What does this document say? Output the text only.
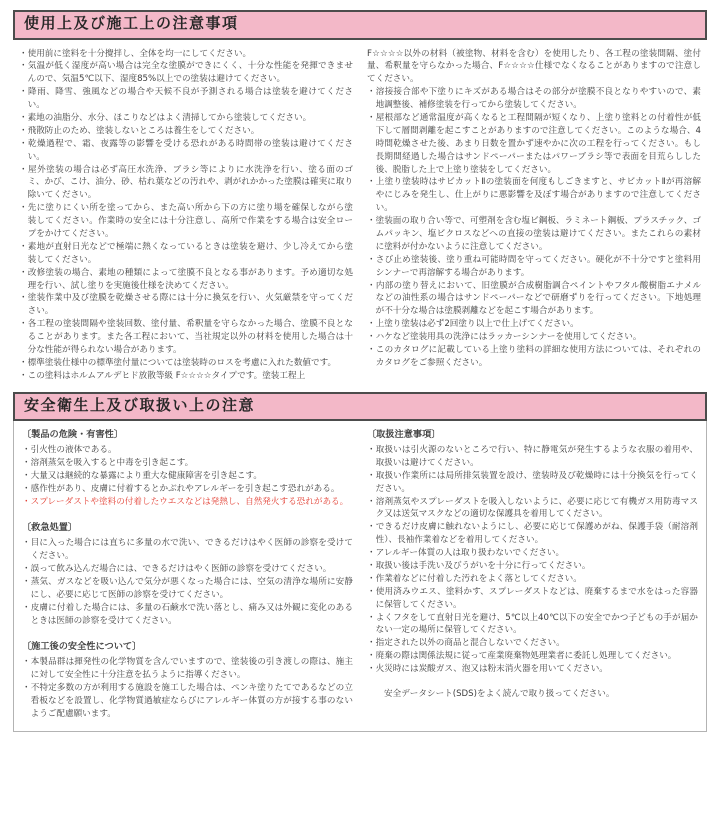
使用上及び施工上の注意事項
・使用前に塗料を十分攪拌し、全体を均一にしてください。
・気温が低く湿度が高い場合は完全な塗膜ができにくく、十分な性能を発揮できませんので、気温5℃以下、湿度85%以上での塗装は避けてください。
・降雨、降雪、強風などの場合や天候不良が予測される場合は塗装を避けてください。
・素地の油脂分、水分、ほこりなどはよく清掃してから塗装してください。
・飛散防止のため、塗装しないところは養生をしてください。
・乾燥過程で、霜、夜露等の影響を受ける恐れがある時間帯の塗装は避けてください。
・屋外塗装の場合は必ず高圧水洗浄、ブラシ等によりに水洗浄を行い、塗る面のゴミ、かび、こけ、油分、砂、枯れ葉などの汚れや、剥がれかかった塗膜は確実に取り除いてください。
・先に塗りにくい所を塗ってから、また高い所から下の方に塗り場を確保しながら塗装してください。作業時の安全には十分注意し、高所で作業をする場合は安全ロープをかけてください。
・素地が直射日光などで極端に熱くなっているときは塗装を避け、少し冷えてから塗装してください。
・改修塗装の場合、素地の種類によって塗膜不良となる事があります。予め適切な処理を行い、試し塗りを実施後仕様を決めてください。
・塗装作業中及び塗膜を乾燥させる際には十分に換気を行い、火気厳禁を守ってください。
・各工程の塗装間隔や塗装回数、塗付量、希釈量を守らなかった場合、塗膜不良となることがあります。また各工程において、当社規定以外の材料を使用した場合は十分な性能が得られない場合があります。
・標準塗装仕様中の標準塗付量については塗装時のロスを考慮に入れた数値です。
・この塗料はホルムアルデヒド放散等級 F☆☆☆☆タイプです。塗装工程上
F☆☆☆☆以外の材料（被塗物、材料を含む）を使用したり、各工程の塗装間隔、塗付量、希釈量を守らなかった場合、F☆☆☆☆仕様でなくなることがありますので注意してください。
・溶接接合部や下塗りにキズがある場合はその部分が塗膜不良となりやすいので、素地調整後、補修塗装を行ってから塗装してください。
・屋根部など通常温度が高くなると工程間隔が短くなり、上塗り塗料との付着性が低下して層間剥離を起こすことがありますので注意してください。このような場合、4時間乾燥させた後、あまり日数を置かず速やかに次の工程を行ってください。もし長期間経過した場合はサンドペーパーまたはパワーブラシ等で表面を目荒らしした後、脱脂した上で上塗り塗装をしてください。
・上塗り塗装時はサビカットⅡの塗装面を何度もしごきますと、サビカットⅡが再溶解やにじみを発生し、仕上がりに悪影響を及ぼす場合がありますので注意してください。
・塗装面の取り合い等で、可塑剤を含む塩ビ鋼板、ラミネート鋼板、プラスチック、ゴムパッキン、塩ビクロスなどへの直接の塗装は避けてください。またこれらの素材に塗料が付かないように注意してください。
・さび止め塗装後、塗り重ね可能時間を守ってください。硬化が不十分ですと塗料用シンナーで再溶解する場合があります。
・内部の塗り替えにおいて、旧塗膜が合成樹脂調合ペイントやフタル酸樹脂エナメルなどの油性系の場合はサンドペーパーなどで研磨ずりを行ってください。下地処理が不十分な場合は塗膜剥離などを起こす場合があります。
・上塗り塗装は必ず2回塗り以上で仕上げてください。
・ハケなど塗装用具の洗浄にはラッカーシンナーを使用してください。
・このカタログに記載している上塗り塗料の詳細な使用方法については、それぞれのカタログをご参照ください。
安全衛生上及び取扱い上の注意
〔製品の危険・有害性〕
・引火性の液体である。
・溶剤蒸気を吸入すると中毒を引き起こす。
・大量又は継続的な暴露により重大な健康障害を引き起こす。
・感作性があり、皮膚に付着するとかぶれやアレルギーを引き起こす恐れがある。
・スプレーダストや塗料の付着したウエスなどは発熱し、自然発火する恐れがある。
〔救急処置〕
・目に入った場合には直ちに多量の水で洗い、できるだけはやく医師の診察を受けてください。
・誤って飲み込んだ場合には、できるだけはやく医師の診察を受けてください。
・蒸気、ガスなどを吸い込んで気分が悪くなった場合には、空気の清浄な場所に安静にし、必要に応じて医師の診察を受けてください。
・皮膚に付着した場合には、多量の石鹸水で洗い落とし、痛み又は外観に変化のあるときは医師の診察を受けてください。
〔施工後の安全性について〕
・本製品群は揮発性の化学物質を含んでいますので、塗装後の引き渡しの際は、施主に対して安全性に十分注意を払うように指導ください。
・不特定多数の方が利用する施設を施工した場合は、ペンキ塗りたてであるなどの立看板などを設置し、化学物質過敏症ならびにアレルギー体質の方が接する事のないようご配慮願います。
〔取扱注意事項〕
・取扱いは引火源のないところで行い、特に静電気が発生するような衣服の着用や、取扱いは避けてください。
・取扱い作業所には局所排気装置を設け、塗装時及び乾燥時には十分換気を行ってください。
・溶剤蒸気やスプレーダストを吸入しないように、必要に応じて有機ガス用防毒マスク又は送気マスクなどの適切な保護具を着用してください。
・できるだけ皮膚に触れないようにし、必要に応じて保護めがね、保護手袋（耐溶剤性）、長袖作業着などを着用してください。
・アレルギー体質の人は取り扱わないでください。
・取扱い後は手洗い及びうがいを十分に行ってください。
・作業着などに付着した汚れをよく落としてください。
・使用済みウエス、塗料かす、スプレーダストなどは、廃棄するまで水をはった容器に保管してください。
・よくフタをして直射日光を避け、5℃以上40℃以下の安全でかつ子どもの手が届かない一定の場所に保管してください。
・指定された以外の商品と混合しないでください。
・廃棄の際は関係法規に従って産業廃棄物処理業者に委託し処理してください。
・火災時には炭酸ガス、泡又は粉末消火器を用いてください。
安全データシート(SDS)をよく読んで取り扱ってください。
